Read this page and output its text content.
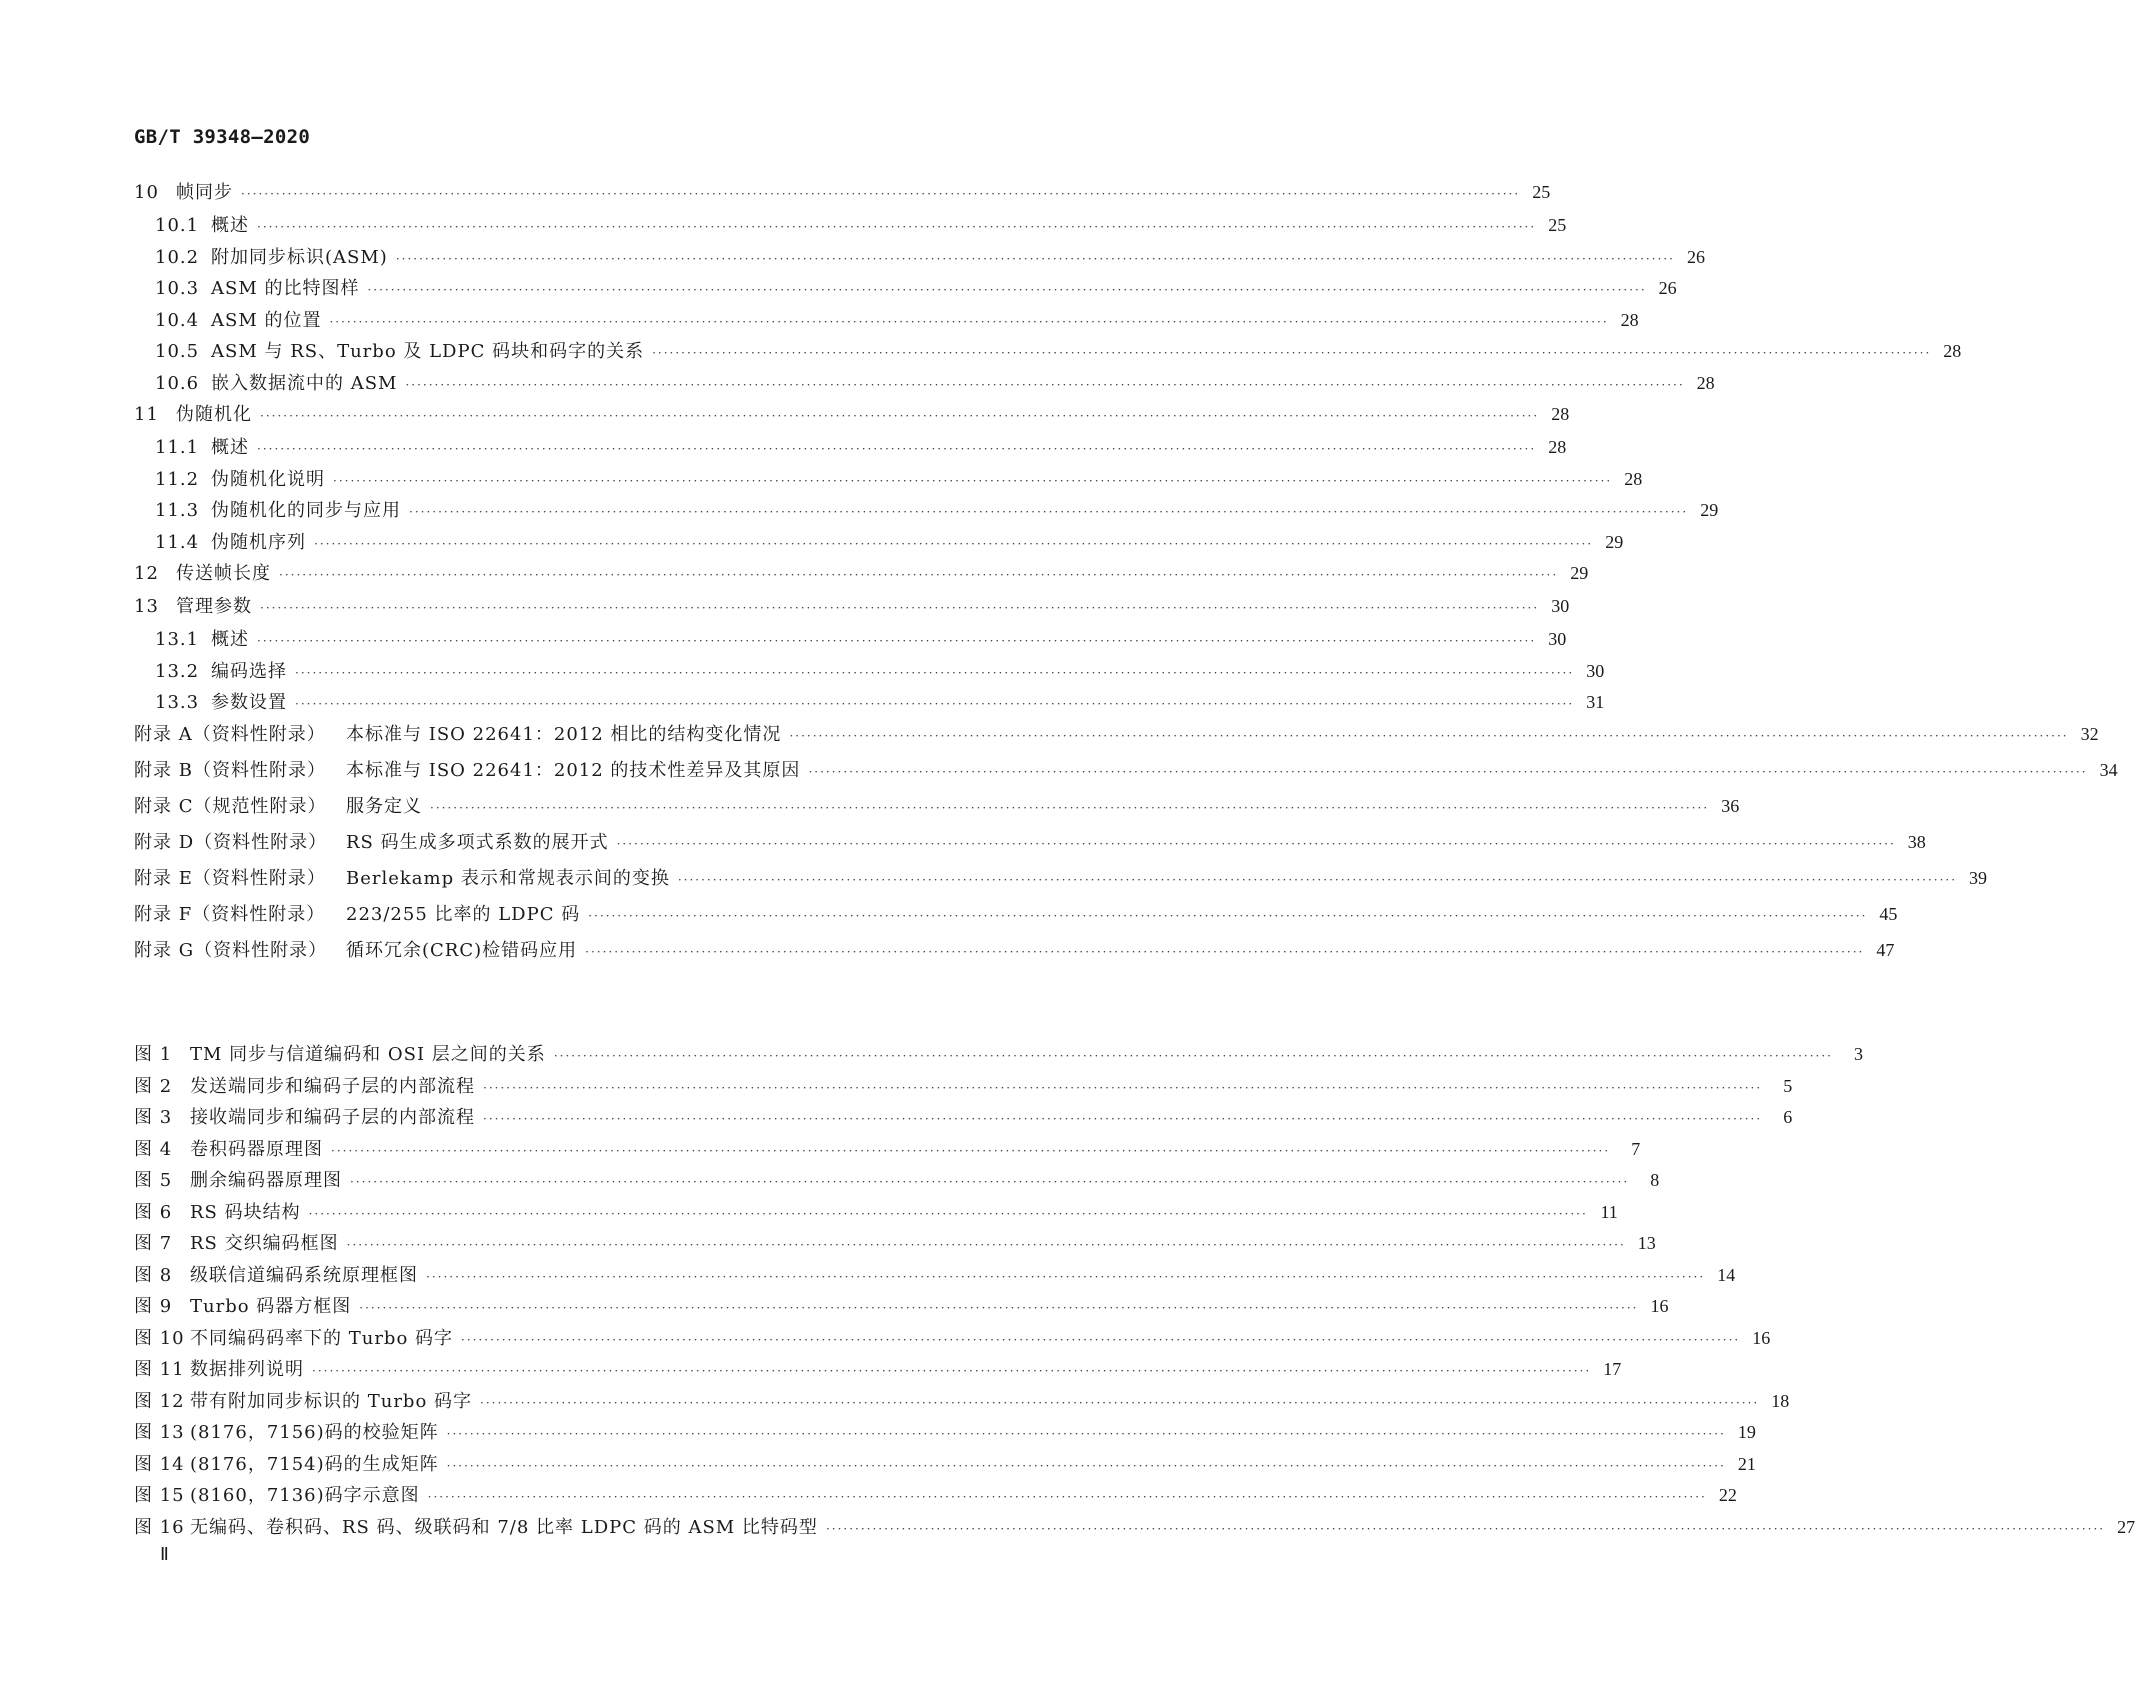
GB/T 39348—2020
10 帧同步 ···························································································································································································································· 25
10.1 概述 ···························································································································································································································· 25
10.2 附加同步标识(ASM) ···························································································································································································································· 26
10.3 ASM 的比特图样 ···························································································································································································································· 26
10.4 ASM 的位置 ···························································································································································································································· 28
10.5 ASM 与 RS、Turbo 及 LDPC 码块和码字的关系 ···························································································································································································································· 28
10.6 嵌入数据流中的 ASM ···························································································································································································································· 28
11 伪随机化 ···························································································································································································································· 28
11.1 概述 ···························································································································································································································· 28
11.2 伪随机化说明 ···························································································································································································································· 28
11.3 伪随机化的同步与应用 ···························································································································································································································· 29
11.4 伪随机序列 ···························································································································································································································· 29
12 传送帧长度 ···························································································································································································································· 29
13 管理参数 ···························································································································································································································· 30
13.1 概述 ···························································································································································································································· 30
13.2 编码选择 ···························································································································································································································· 30
13.3 参数设置 ···························································································································································································································· 31
附录 A（资料性附录） 本标准与 ISO 22641：2012 相比的结构变化情况 ···························································································································································································································· 32
附录 B（资料性附录） 本标准与 ISO 22641：2012 的技术性差异及其原因 ···························································································································································································································· 34
附录 C（规范性附录） 服务定义 ···························································································································································································································· 36
附录 D（资料性附录） RS 码生成多项式系数的展开式 ···························································································································································································································· 38
附录 E（资料性附录） Berlekamp 表示和常规表示间的变换 ···························································································································································································································· 39
附录 F（资料性附录） 223/255 比率的 LDPC 码 ···························································································································································································································· 45
附录 G（资料性附录） 循环冗余(CRC)检错码应用 ···························································································································································································································· 47
图 1 TM 同步与信道编码和 OSI 层之间的关系 ····························································································································································································································	3
图 2 发送端同步和编码子层的内部流程 ····························································································································································································································	5
图 3 接收端同步和编码子层的内部流程 ····························································································································································································································	6
图 4 卷积码器原理图 ····························································································································································································································	7
图 5 删余编码器原理图 ····························································································································································································································	8
图 6 RS 码块结构 ···························································································································································································································· 11
图 7 RS 交织编码框图 ···························································································································································································································· 13
图 8 级联信道编码系统原理框图 ···························································································································································································································· 14
图 9 Turbo 码器方框图 ···························································································································································································································· 16
图 10 不同编码码率下的 Turbo 码字 ···························································································································································································································· 16
图 11 数据排列说明 ···························································································································································································································· 17
图 12 带有附加同步标识的 Turbo 码字 ···························································································································································································································· 18
图 13 (8176，7156)码的校验矩阵 ···························································································································································································································· 19
图 14 (8176，7154)码的生成矩阵 ···························································································································································································································· 21
图 15 (8160，7136)码字示意图 ···························································································································································································································· 22
图 16 无编码、卷积码、RS 码、级联码和 7/8 比率 LDPC 码的 ASM 比特码型 ···························································································································································································································· 27
Ⅱ
